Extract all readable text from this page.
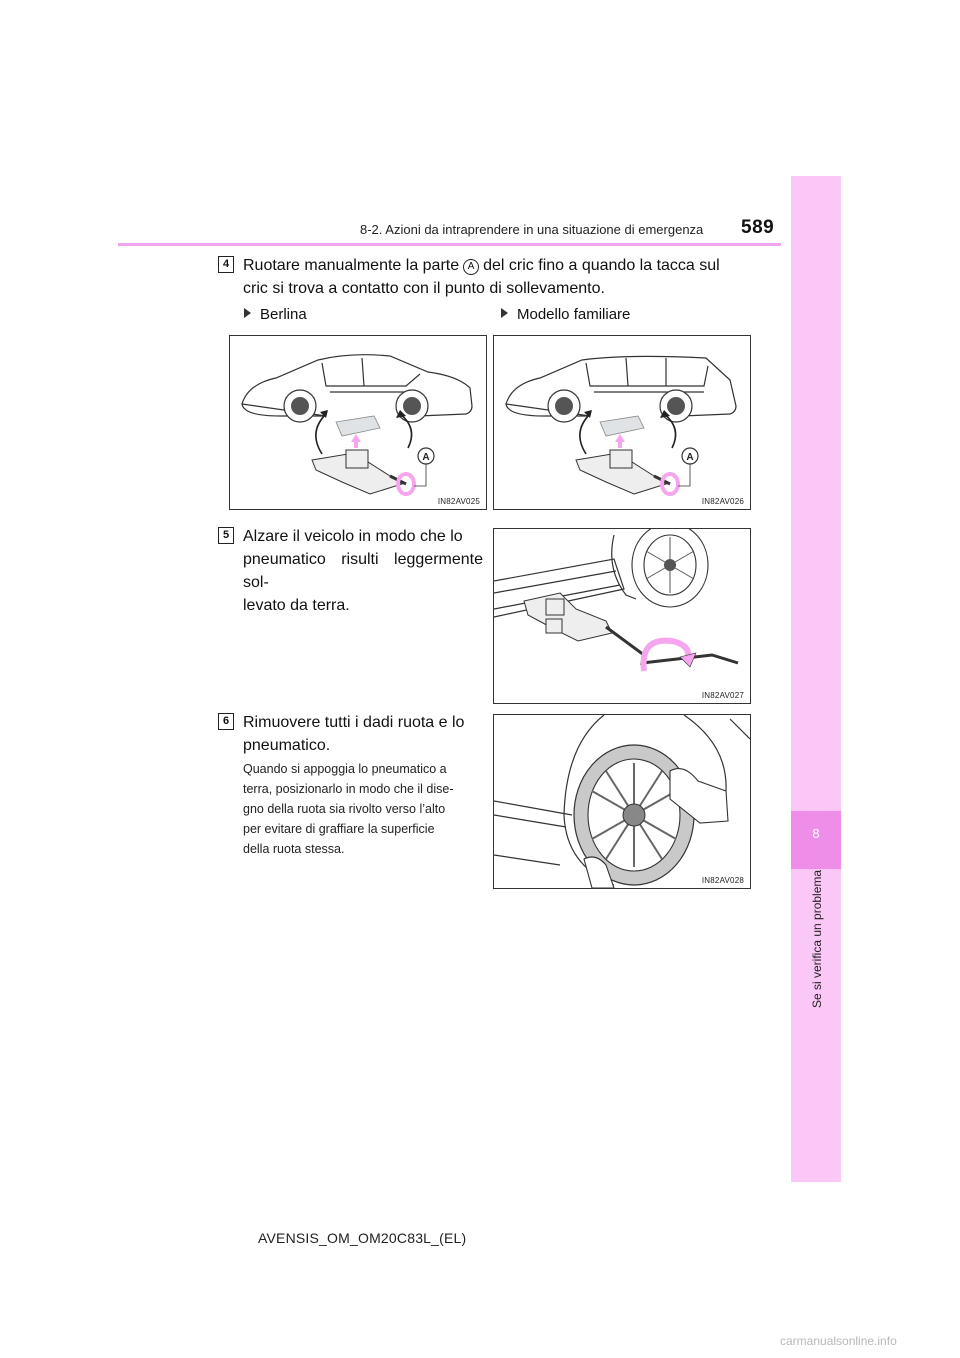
8-2. Azioni da intraprendere in una situazione di emergenza 589
8
Se si verifica un problema
4 Ruotare manualmente la parte A del cric fino a quando la tacca sul cric si trova a contatto con il punto di sollevamento.
Berlina	Modello familiare
A
IN82AV025
A
IN82AV026
5 Alzare il veicolo in modo che lo
pneumatico risulti leggermente sol-
levato da terra.
IN82AV027
6 Rimuovere tutti i dadi ruota e lo
pneumatico.
Quando si appoggia lo pneumatico a
terra, posizionarlo in modo che il dise-
gno della ruota sia rivolto verso l’alto
per evitare di graffiare la superficie
della ruota stessa.
IN82AV028
AVENSIS_OM_OM20C83L_(EL)
carmanualsonline.info
